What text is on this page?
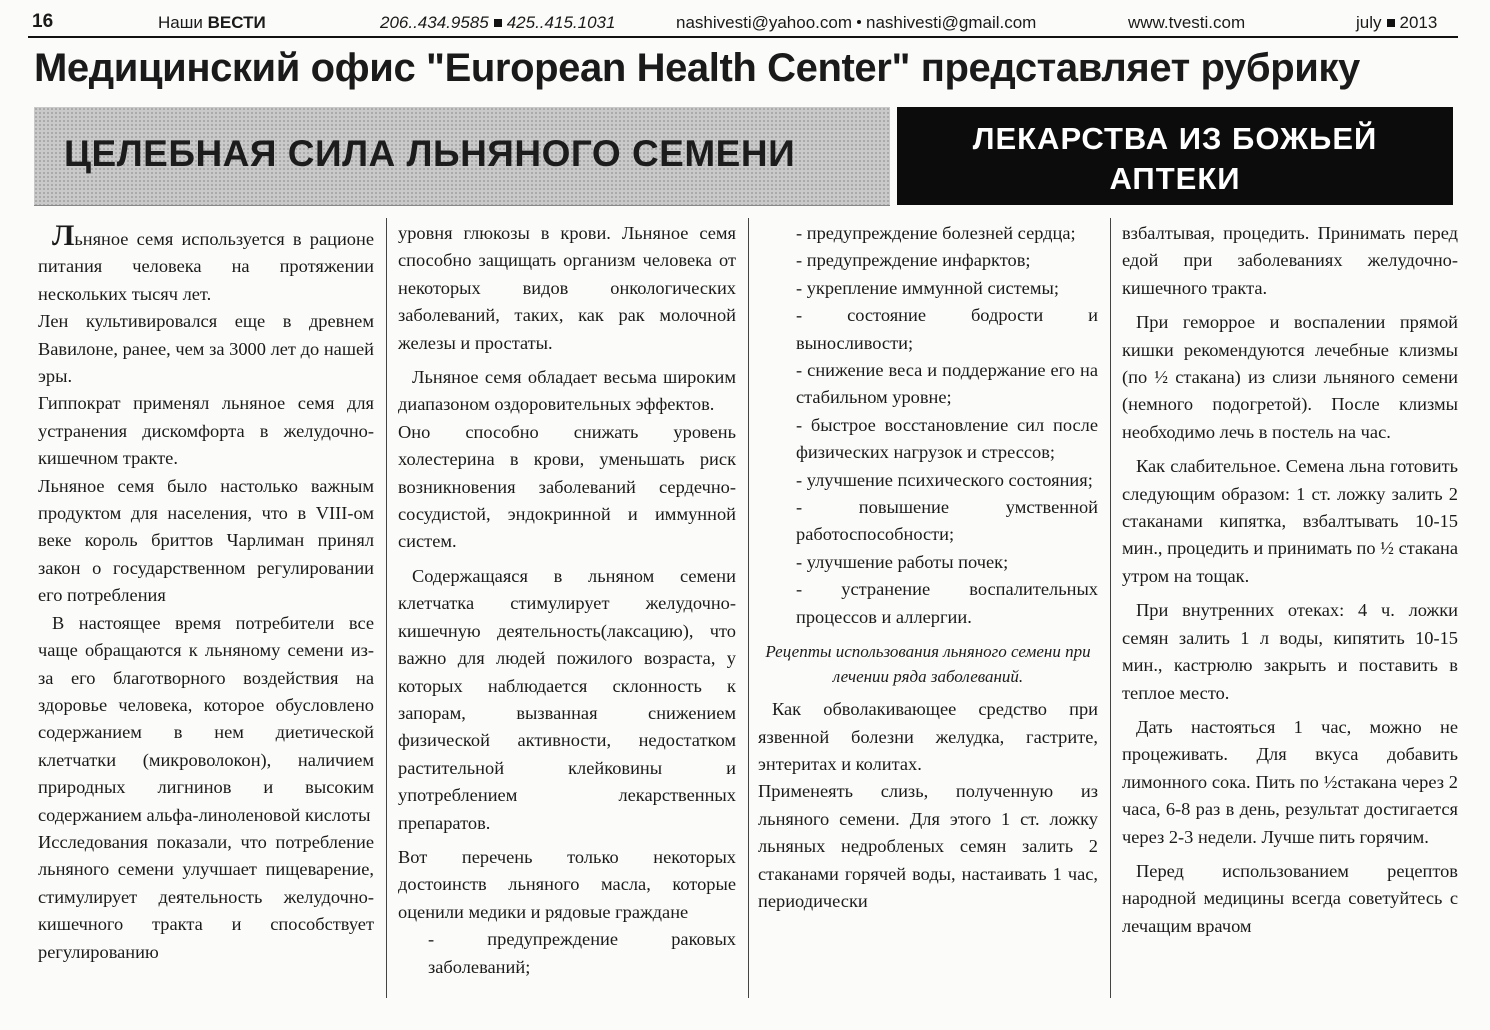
16	Наши ВЕСТИ	206..434.9585 425..415.1031	nashivesti@yahoo.com nashivesti@gmail.com	www.tvesti.com	july 2013
Медицинский офис "European Health Center" представляет рубрику
ЦЕЛЕБНАЯ СИЛА ЛЬНЯНОГО СЕМЕНИ	ЛЕКАРСТВА ИЗ БОЖЬЕЙ
АПТЕКИ

Льняное семя используется в рационе питания человека на протяжении нескольких тысяч лет.

Лен культивировался еще в древнем Вавилоне, ранее, чем за 3000 лет до нашей эры.

Гиппократ применял льняное семя для устранения дискомфорта в желудочно-кишечном тракте.

Льняное семя было настолько важным продуктом для населения, что в VIII-ом веке король бриттов Чарлиман принял закон о государственном регулировании его потребления

В настоящее время потребители все чаще обращаются к льняному семени из-за его благотворного воздействия на здоровье человека, которое обусловлено содержанием в нем диетической клетчатки (микроволокон), наличием природных лигнинов и высоким содержанием альфа-линоленовой кислоты

Исследования показали, что потребление льняного семени улучшает пищеварение, стимулирует деятельность желудочно-кишечного тракта и способствует регулированию

уровня глюкозы в крови. Льняное семя способно защищать организм человека от некоторых видов онкологических заболеваний, таких, как рак молочной железы и простаты.

Льняное семя обладает весьма широким диапазоном оздоровительных эффектов.

Оно способно снижать уровень холестерина в крови, уменьшать риск возникновения заболеваний сердечно-сосудистой, эндокринной и иммунной систем.

Содержащаяся в льняном семени клетчатка стимулирует желудочно-кишечную деятельность(лаксацию), что важно для людей пожилого возраста, у которых наблюдается склонность к запорам, вызванная снижением физической активности, недостатком растительной клейковины и употреблением лекарственных препаратов.

Вот перечень только некоторых достоинств льняного масла, которые оценили медики и рядовые граждане

- предупреждение раковых заболеваний;

- предупреждение болезней сердца;

- предупреждение инфарктов;

- укрепление иммунной системы;

- состояние бодрости и выносливости;

- снижение веса и поддержание его на стабильном уровне;

- быстрое восстановление сил после физических нагрузок и стрессов;

- улучшение психического состояния;

- повышение умственной работоспособности;

- улучшение работы почек;

- устранение воспалительных процессов и аллергии.

Рецепты использования льняного семени при лечении ряда заболеваний.

Как обволакивающее средство при язвенной болезни желудка, гастрите, энтеритах и колитах.

Применеять слизь, полученную из льняного семени. Для этого 1 ст. ложку льняных недробленых семян залить 2 стаканами горячей воды, настаивать 1 час, периодически

взбалтывая, процедить. Принимать перед едой при заболеваниях желудочно-кишечного тракта.

При геморрое и воспалении прямой кишки рекомендуются лечебные клизмы (по ½ стакана) из слизи льняного семени (немного подогретой). После клизмы необходимо лечь в постель на час.

Как слабительное. Семена льна готовить следующим образом: 1 ст. ложку залить 2 стаканами кипятка, взбалтывать 10-15 мин., процедить и принимать по ½ стакана утром на тощак.

При внутренних отеках: 4 ч. ложки семян залить 1 л воды, кипятить 10-15 мин., кастрюлю закрыть и поставить в теплое место.

Дать настояться 1 час, можно не процеживать. Для вкуса добавить лимонного сока. Пить по ½стакана через 2 часа, 6-8 раз в день, результат достигается через 2-3 недели. Лучше пить горячим.

Перед использованием рецептов народной медицины всегда советуйтесь с лечащим врачом
